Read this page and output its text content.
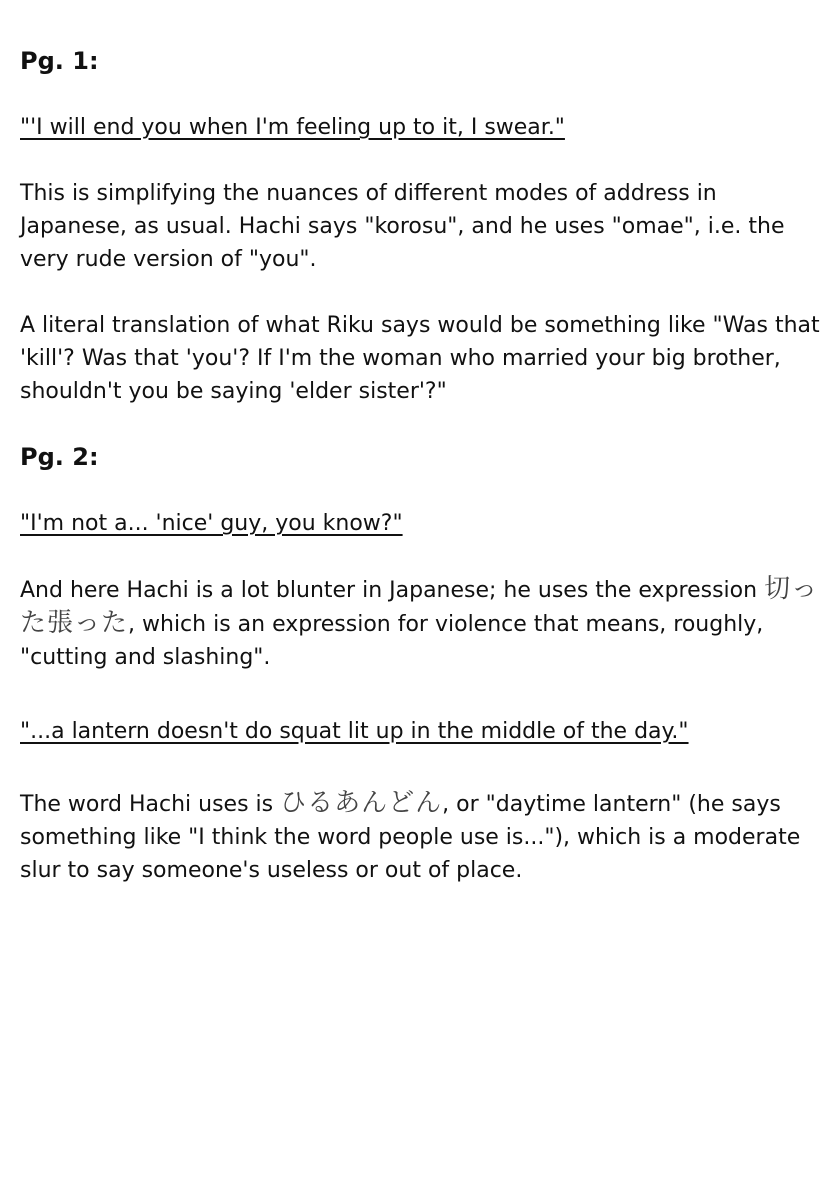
Pg. 1:
"'I will end you when I'm feeling up to it, I swear."
This is simplifying the nuances of different modes of address in Japanese, as usual. Hachi says "korosu", and he uses "omae", i.e. the very rude version of "you".
A literal translation of what Riku says would be something like "Was that 'kill'? Was that 'you'? If I'm the woman who married your big brother, shouldn't you be saying 'elder sister'?"
Pg. 2:
"I'm not a... 'nice' guy, you know?"
And here Hachi is a lot blunter in Japanese; he uses the expression 切った張った, which is an expression for violence that means, roughly, "cutting and slashing".
"...a lantern doesn't do squat lit up in the middle of the day."
The word Hachi uses is ひるあんどん, or "daytime lantern" (he says something like "I think the word people use is..."), which is a moderate slur to say someone's useless or out of place.
